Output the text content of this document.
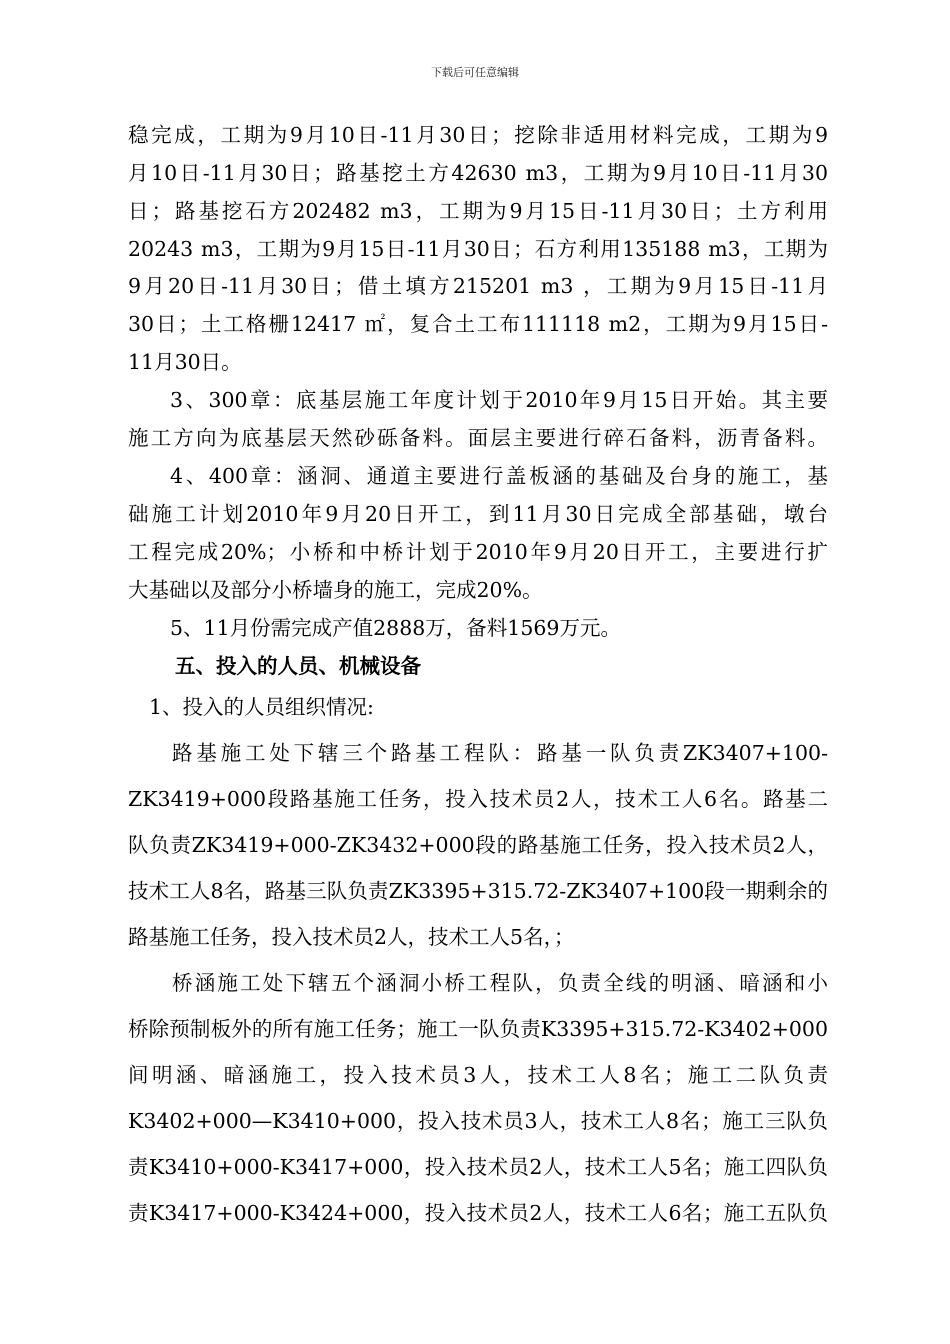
下载后可任意编辑
稳完成，工期为9月10日-11月30日；挖除非适用材料完成，工期为9
月10日-11月30日；路基挖土方42630 m3，工期为9月10日-11月30
日；路基挖石方202482 m3，工期为9月15日-11月30日；土方利用
20243 m3，工期为9月15日-11月30日；石方利用135188 m3，工期为
9月20日-11月30日；借土填方215201 m3 ，工期为9月15日-11月
30日；土工格栅12417 ㎡，复合土工布111118 m2，工期为9月15日-
11月30日。
3、300章：底基层施工年度计划于2010年9月15日开始。其主要
施工方向为底基层天然砂砾备料。面层主要进行碎石备料，沥青备料。
4、400章：涵洞、通道主要进行盖板涵的基础及台身的施工，基
础施工计划2010年9月20日开工，到11月30日完成全部基础，墩台
工程完成20%；小桥和中桥计划于2010年9月20日开工，主要进行扩
大基础以及部分小桥墙身的施工，完成20%。
5、11月份需完成产值2888万，备料1569万元。
五、投入的人员、机械设备
1、投入的人员组织情况:
路基施工处下辖三个路基工程队：路基一队负责ZK3407+100-
ZK3419+000段路基施工任务，投入技术员2人，技术工人6名。路基二
队负责ZK3419+000-ZK3432+000段的路基施工任务，投入技术员2人，
技术工人8名，路基三队负责ZK3395+315.72-ZK3407+100段一期剩余的
路基施工任务，投入技术员2人，技术工人5名，；
桥涵施工处下辖五个涵洞小桥工程队，负责全线的明涵、暗涵和小
桥除预制板外的所有施工任务；施工一队负责K3395+315.72-K3402+000
间明涵、暗涵施工，投入技术员3人，技术工人8名；施工二队负责
K3402+000—K3410+000，投入技术员3人，技术工人8名；施工三队负
责K3410+000-K3417+000，投入技术员2人，技术工人5名；施工四队负
责K3417+000-K3424+000，投入技术员2人，技术工人6名；施工五队负
